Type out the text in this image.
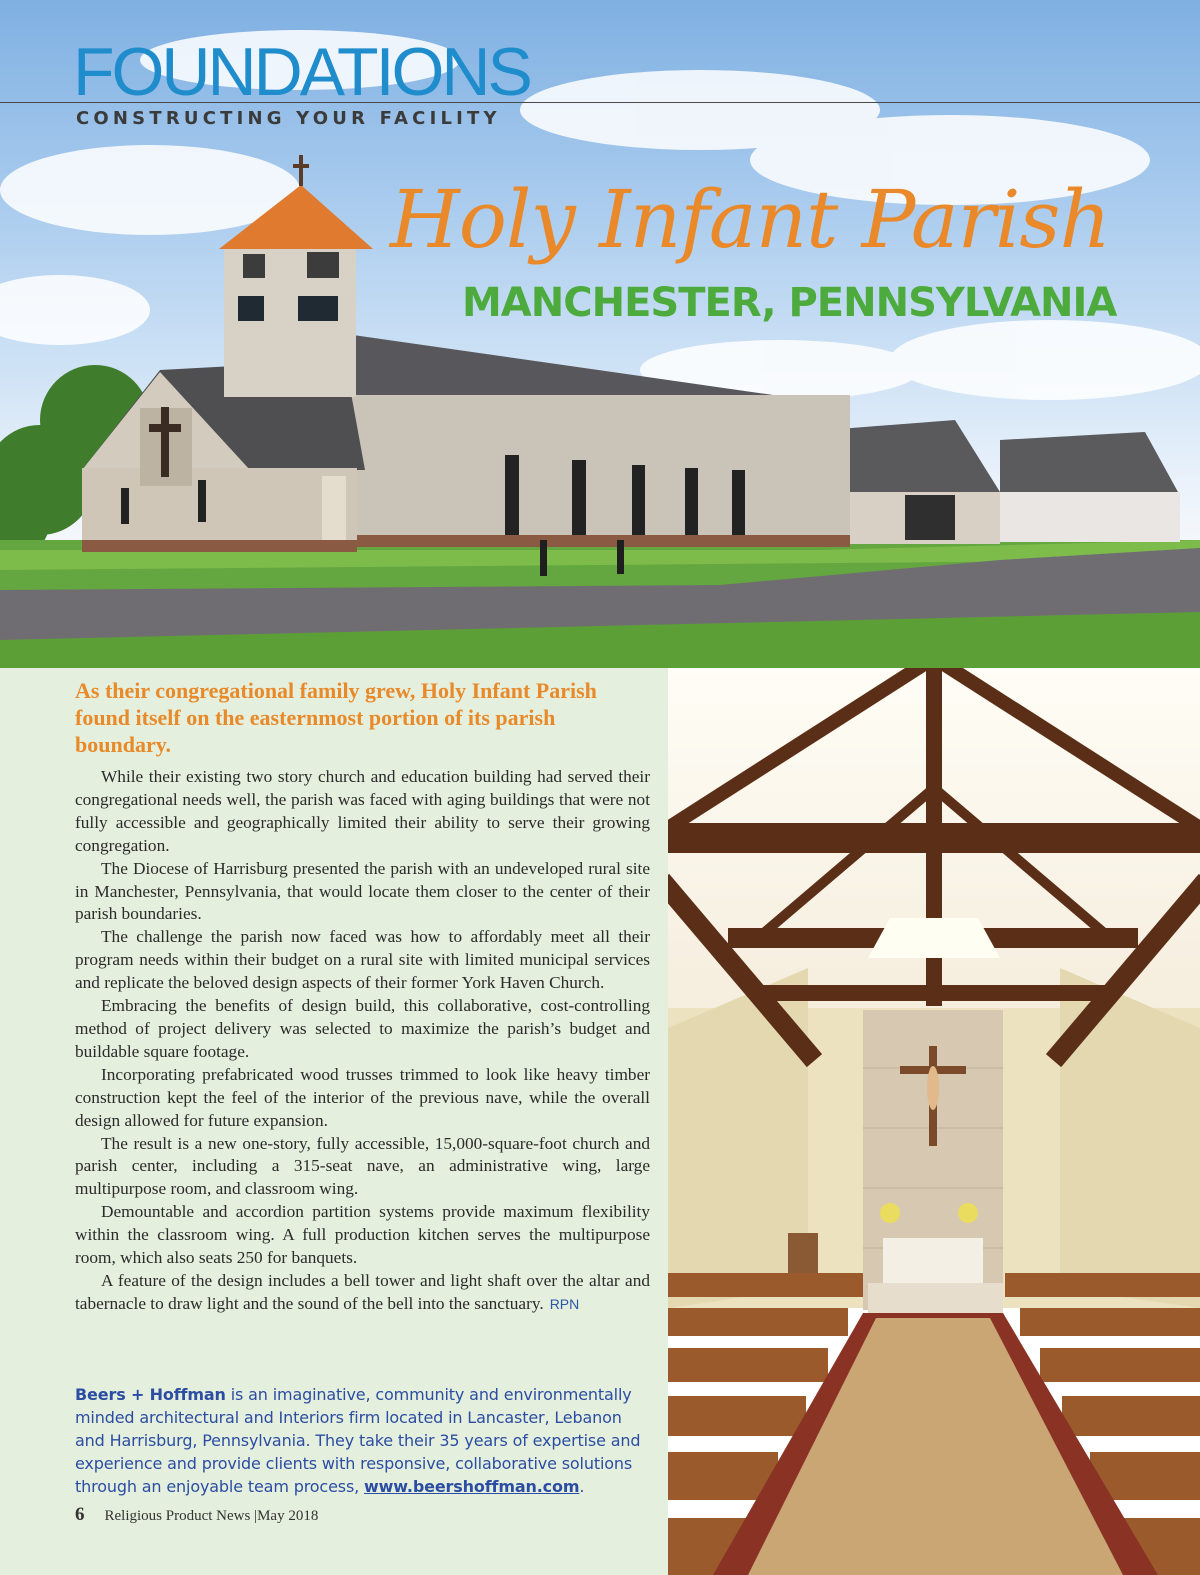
FOUNDATIONS
CONSTRUCTING YOUR FACILITY
Holy Infant Parish
MANCHESTER, PENNSYLVANIA

As their congregational family grew, Holy Infant Parish found itself on the easternmost portion of its parish boundary.

While their existing two story church and education building had served their congregational needs well, the parish was faced with aging buildings that were not fully accessible and geographically limited their ability to serve their growing congregation.

The Diocese of Harrisburg presented the parish with an undeveloped rural site in Manchester, Pennsylvania, that would locate them closer to the center of their parish boundaries.

The challenge the parish now faced was how to affordably meet all their program needs within their budget on a rural site with limited municipal services and replicate the beloved design aspects of their former York Haven Church.

Embracing the benefits of design build, this collaborative, cost-controlling method of project delivery was selected to maximize the parish’s budget and buildable square footage.

Incorporating prefabricated wood trusses trimmed to look like heavy timber construction kept the feel of the interior of the previous nave, while the overall design allowed for future expansion.

The result is a new one-story, fully accessible, 15,000-square-foot church and parish center, including a 315-seat nave, an administrative wing, large multipurpose room, and classroom wing.

Demountable and accordion partition systems provide maximum flexibility within the classroom wing. A full production kitchen serves the multipurpose room, which also seats 250 for banquets.

A feature of the design includes a bell tower and light shaft over the altar and tabernacle to draw light and the sound of the bell into the sanctuary. RPN

Beers + Hoffman is an imaginative, community and environmentally minded architectural and Interiors firm located in Lancaster, Lebanon and Harrisburg, Pennsylvania. They take their 35 years of expertise and experience and provide clients with responsive, collaborative solutions through an enjoyable team process, www.beershoffman.com.

6 Religious Product News |May 2018
